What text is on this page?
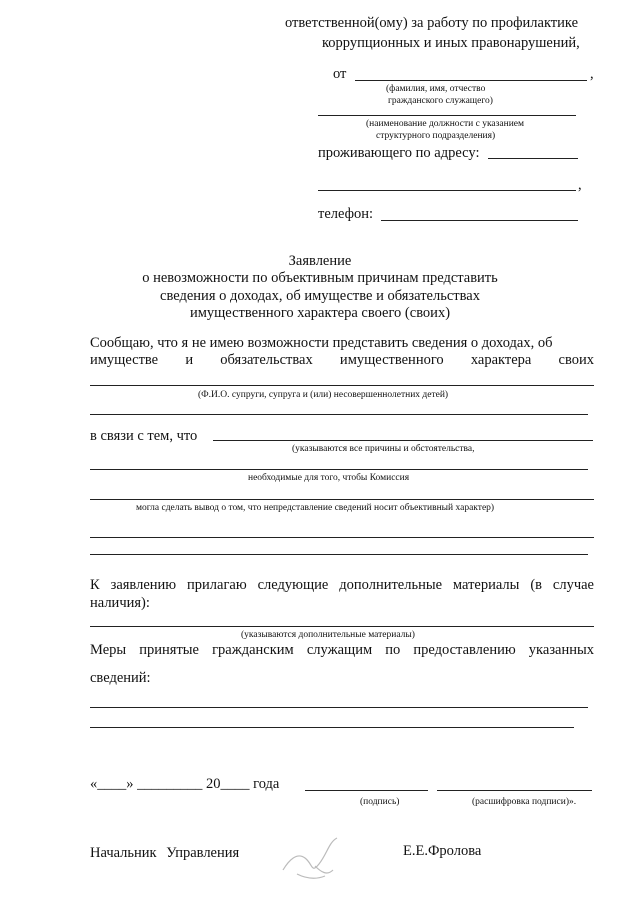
ответственной(ому) за работу по профилактике
коррупционных и иных правонарушений,
от	,
(фамилия, имя, отчество
гражданского служащего)
(наименование должности с указанием
структурного подразделения)
проживающего по адресу:
,
телефон:
Заявление
о невозможности по объективным причинам представить
сведения о доходах, об имуществе и обязательствах
имущественного характера своего (своих)
Сообщаю, что я не имею возможности представить сведения о доходах, об
имуществе и обязательствах имущественного характера своих
(Ф.И.О. супруги, супруга и (или) несовершеннолетних детей)
в связи с тем, что
(указываются все причины и обстоятельства,
необходимые для того, чтобы Комиссия
могла сделать вывод о том, что непредставление сведений носит объективный характер)
К заявлению прилагаю следующие дополнительные материалы (в случае
наличия):
(указываются дополнительные материалы)
Меры принятые гражданским служащим по предоставлению указанных
сведений:
«____» _________ 20____ года
(подпись)	(расшифровка подписи)».
Начальник Управления	Е.Е.Фролова
